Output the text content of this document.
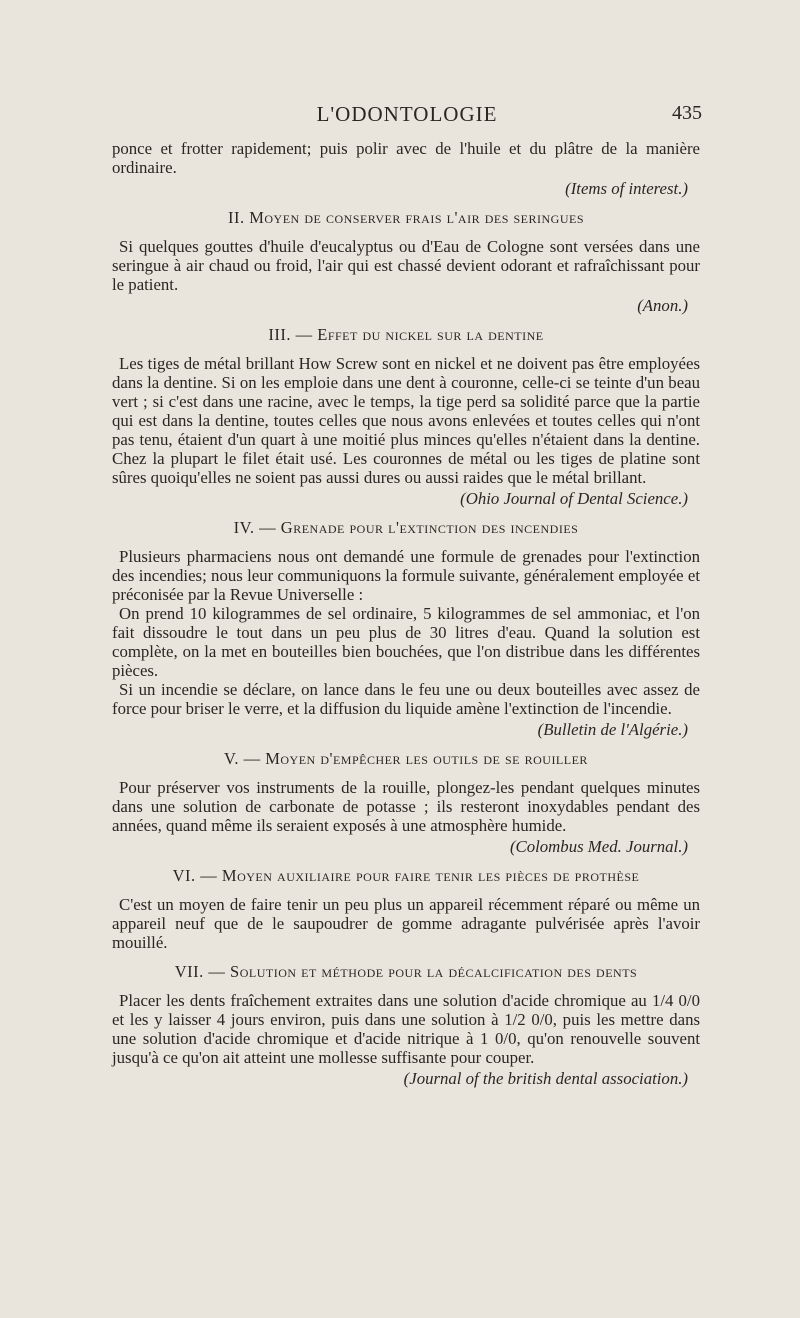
L'ODONTOLOGIE	435

ponce et frotter rapidement; puis polir avec de l'huile et du plâtre de la manière ordinaire.

(Items of interest.)

II. Moyen de conserver frais l'air des seringues

Si quelques gouttes d'huile d'eucalyptus ou d'Eau de Cologne sont versées dans une seringue à air chaud ou froid, l'air qui est chassé devient odorant et rafraîchissant pour le patient.

(Anon.)

III. — Effet du nickel sur la dentine

Les tiges de métal brillant How Screw sont en nickel et ne doivent pas être employées dans la dentine. Si on les emploie dans une dent à couronne, celle-ci se teinte d'un beau vert ; si c'est dans une racine, avec le temps, la tige perd sa solidité parce que la partie qui est dans la dentine, toutes celles que nous avons enlevées et toutes celles qui n'ont pas tenu, étaient d'un quart à une moitié plus minces qu'elles n'étaient dans la dentine. Chez la plupart le filet était usé. Les couronnes de métal ou les tiges de platine sont sûres quoiqu'elles ne soient pas aussi dures ou aussi raides que le métal brillant.

(Ohio Journal of Dental Science.)

IV. — Grenade pour l'extinction des incendies

Plusieurs pharmaciens nous ont demandé une formule de grenades pour l'extinction des incendies; nous leur communiquons la formule suivante, généralement employée et préconisée par la Revue Universelle :

On prend 10 kilogrammes de sel ordinaire, 5 kilogrammes de sel ammoniac, et l'on fait dissoudre le tout dans un peu plus de 30 litres d'eau. Quand la solution est complète, on la met en bouteilles bien bouchées, que l'on distribue dans les différentes pièces.

Si un incendie se déclare, on lance dans le feu une ou deux bouteilles avec assez de force pour briser le verre, et la diffusion du liquide amène l'extinction de l'incendie.

(Bulletin de l'Algérie.)

V. — Moyen d'empêcher les outils de se rouiller

Pour préserver vos instruments de la rouille, plongez-les pendant quelques minutes dans une solution de carbonate de potasse ; ils resteront inoxydables pendant des années, quand même ils seraient exposés à une atmosphère humide.

(Colombus Med. Journal.)

VI. — Moyen auxiliaire pour faire tenir les pièces de prothèse

C'est un moyen de faire tenir un peu plus un appareil récemment réparé ou même un appareil neuf que de le saupoudrer de gomme adragante pulvérisée après l'avoir mouillé.

VII. — Solution et méthode pour la décalcification des dents

Placer les dents fraîchement extraites dans une solution d'acide chromique au 1/4 0/0 et les y laisser 4 jours environ, puis dans une solution à 1/2 0/0, puis les mettre dans une solution d'acide chromique et d'acide nitrique à 1 0/0, qu'on renouvelle souvent jusqu'à ce qu'on ait atteint une mollesse suffisante pour couper.

(Journal of the british dental association.)
